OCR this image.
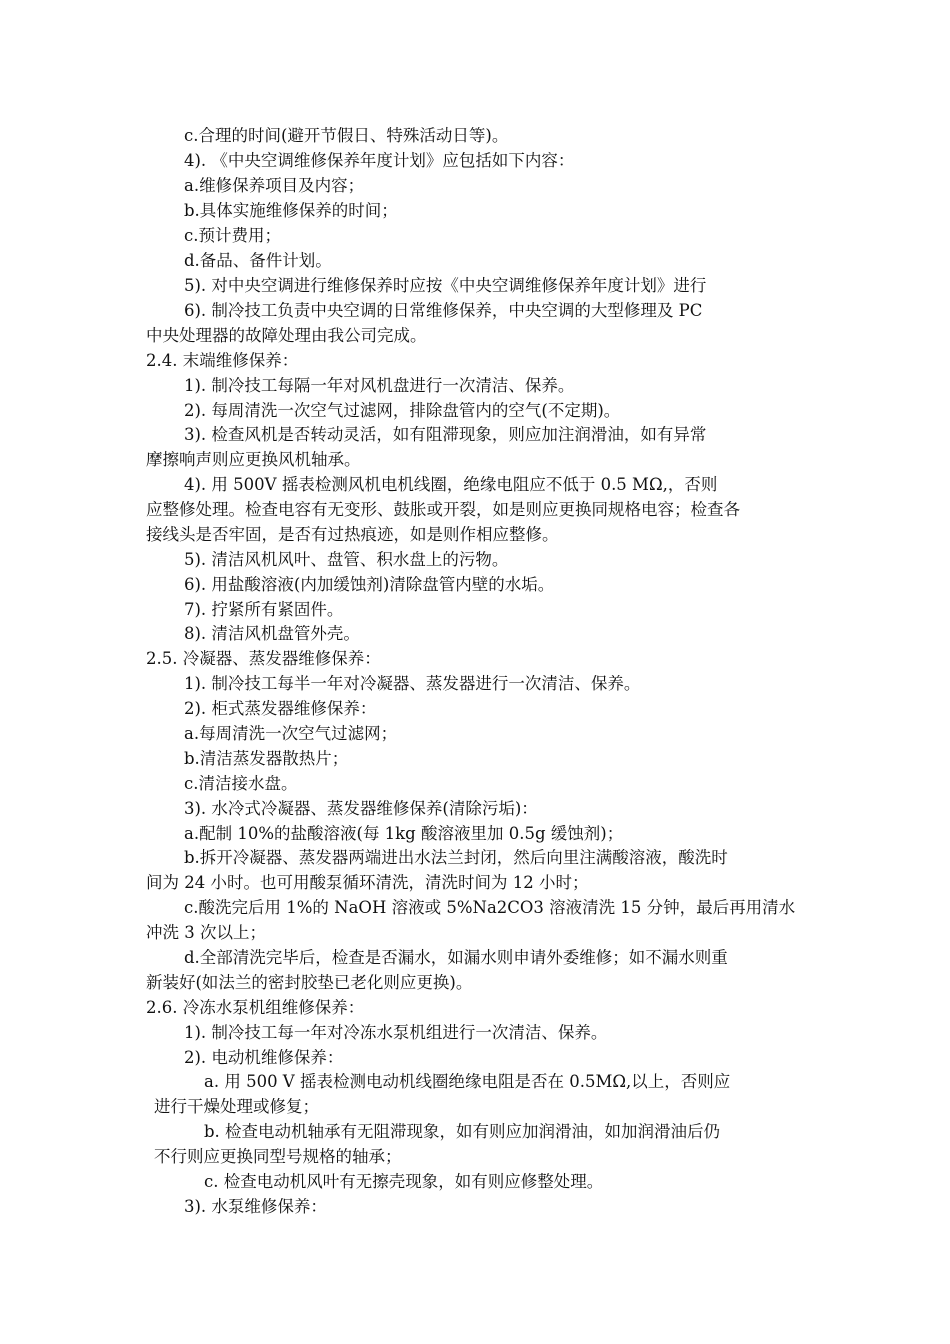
c.合理的时间(避开节假日、特殊活动日等)。
4). 《中央空调维修保养年度计划》应包括如下内容：
a.维修保养项目及内容；
b.具体实施维修保养的时间；
c.预计费用；
d.备品、备件计划。
5). 对中央空调进行维修保养时应按《中央空调维修保养年度计划》进行
6). 制冷技工负责中央空调的日常维修保养，中央空调的大型修理及 PC
中央处理器的故障处理由我公司完成。
2.4. 末端维修保养：
1). 制冷技工每隔一年对风机盘进行一次清洁、保养。
2). 每周清洗一次空气过滤网，排除盘管内的空气(不定期)。
3). 检查风机是否转动灵活，如有阻滞现象，则应加注润滑油，如有异常
摩擦响声则应更换风机轴承。
4). 用 500V 摇表检测风机电机线圈，绝缘电阻应不低于 0.5 MΩ,，否则
应整修处理。检查电容有无变形、鼓胀或开裂，如是则应更换同规格电容；检查各
接线头是否牢固，是否有过热痕迹，如是则作相应整修。
5). 清洁风机风叶、盘管、积水盘上的污物。
6). 用盐酸溶液(内加缓蚀剂)清除盘管内壁的水垢。
7). 拧紧所有紧固件。
8). 清洁风机盘管外壳。
2.5. 冷凝器、蒸发器维修保养：
1). 制冷技工每半一年对冷凝器、蒸发器进行一次清洁、保养。
2). 柜式蒸发器维修保养：
a.每周清洗一次空气过滤网；
b.清洁蒸发器散热片；
c.清洁接水盘。
3). 水冷式冷凝器、蒸发器维修保养(清除污垢)：
a.配制 10%的盐酸溶液(每 1kg 酸溶液里加 0.5g 缓蚀剂)；
b.拆开冷凝器、蒸发器两端进出水法兰封闭，然后向里注满酸溶液，酸洗时
间为 24 小时。也可用酸泵循环清洗，清洗时间为 12 小时；
c.酸洗完后用 1%的 NaOH 溶液或 5%Na2CO3 溶液清洗 15 分钟，最后再用清水
冲洗 3 次以上；
d.全部清洗完毕后，检查是否漏水，如漏水则申请外委维修；如不漏水则重
新装好(如法兰的密封胶垫已老化则应更换)。
2.6. 冷冻水泵机组维修保养：
1). 制冷技工每一年对冷冻水泵机组进行一次清洁、保养。
2). 电动机维修保养：
a. 用 500 V 摇表检测电动机线圈绝缘电阻是否在 0.5MΩ,以上，否则应
进行干燥处理或修复；
b. 检查电动机轴承有无阻滞现象，如有则应加润滑油，如加润滑油后仍
不行则应更换同型号规格的轴承；
c. 检查电动机风叶有无擦壳现象，如有则应修整处理。
3). 水泵维修保养：
